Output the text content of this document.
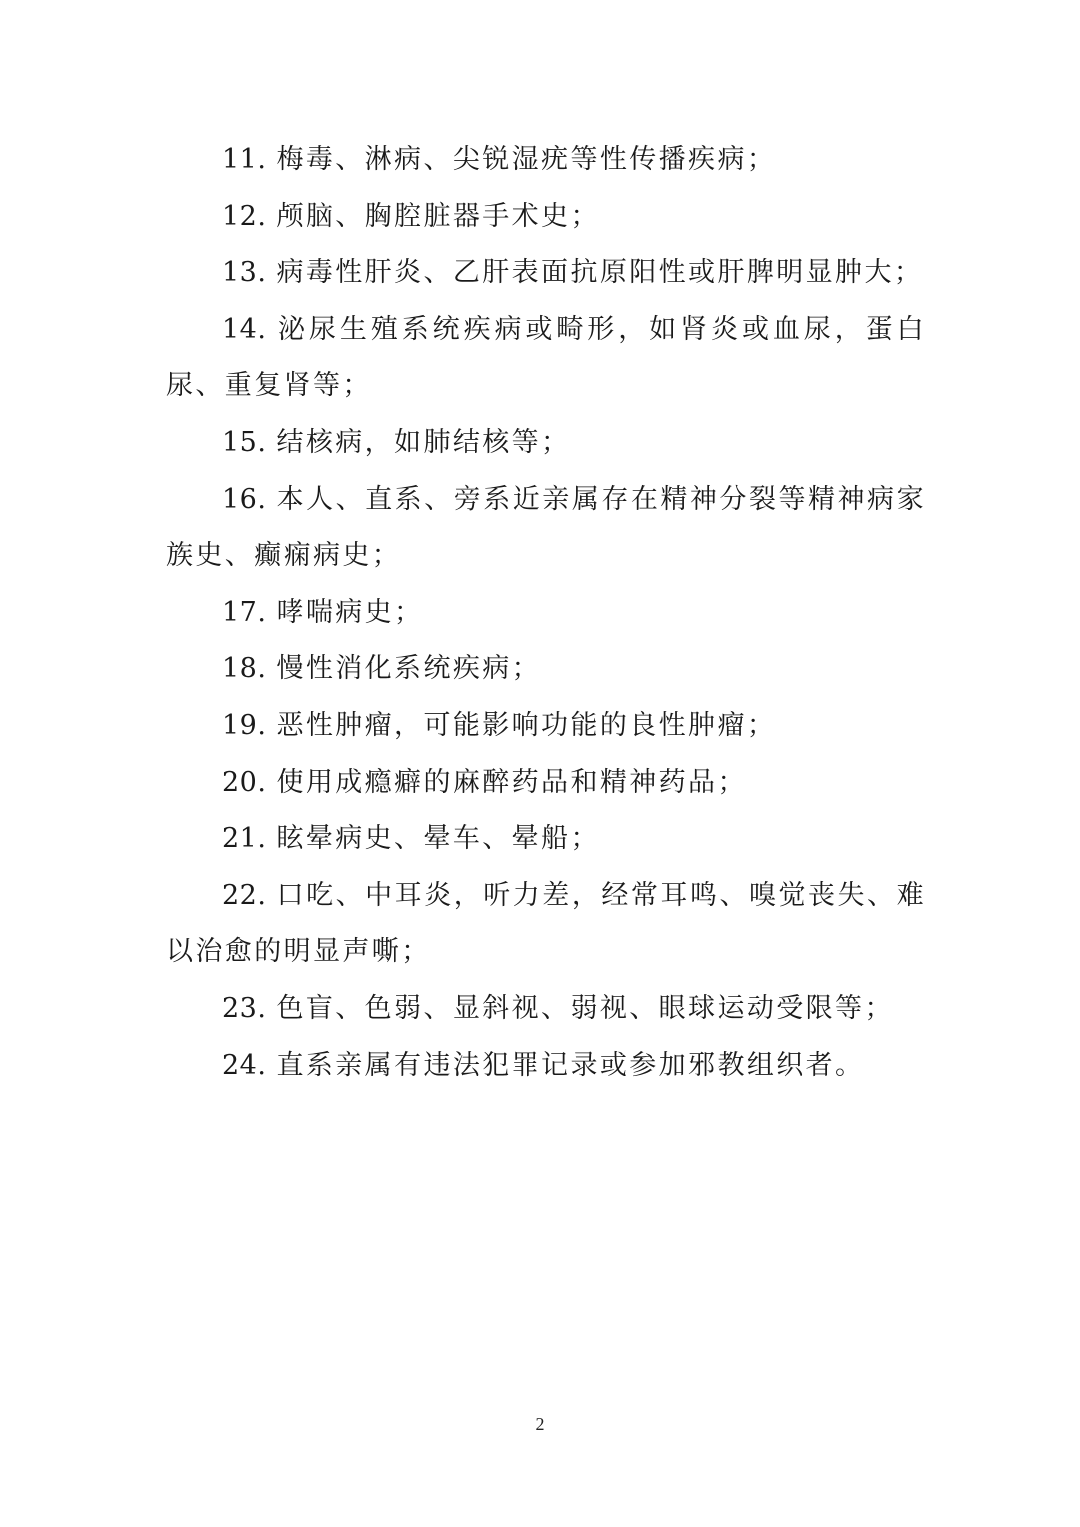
11. 梅毒、淋病、尖锐湿疣等性传播疾病；

12. 颅脑、胸腔脏器手术史；

13. 病毒性肝炎、乙肝表面抗原阳性或肝脾明显肿大；

14. 泌尿生殖系统疾病或畸形，如肾炎或血尿，蛋白尿、重复肾等；

15. 结核病，如肺结核等；

16. 本人、直系、旁系近亲属存在精神分裂等精神病家族史、癫痫病史；

17. 哮喘病史；

18. 慢性消化系统疾病；

19. 恶性肿瘤，可能影响功能的良性肿瘤；

20. 使用成瘾癖的麻醉药品和精神药品；

21. 眩晕病史、晕车、晕船；

22. 口吃、中耳炎，听力差，经常耳鸣、嗅觉丧失、难以治愈的明显声嘶；

23. 色盲、色弱、显斜视、弱视、眼球运动受限等；

24. 直系亲属有违法犯罪记录或参加邪教组织者。

2
